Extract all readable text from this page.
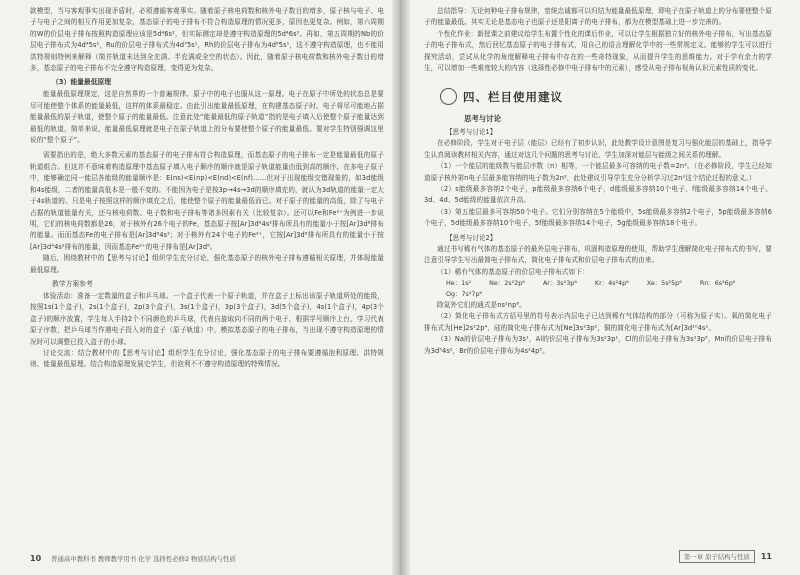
款模型，当与客观事实出现矛盾时，必须遵循客观事实。随着原子核电荷数和核外电子数目的增多，原子核与电子、电子与电子之间的相互作用更加复杂，基态原子的电子排布不符合构造原理的情况更多，原因也更复杂。例如，第六周期的W的价层电子排布按照构造原理应该是5d⁴6s²，但实际测定却是遵守构造原理的5d⁴6s²。再如，第五周期的Nb的价层电子排布式为4d⁴5s¹，Ru的价层电子排布式为4d⁷5s¹，Rh的价层电子排布为4d⁸5s¹，这不遵守构造原理，也不能用洪特规则特例来解释（简并轨道未达到全充满、半充满或全空的状态）。因此，随着原子核电荷数和核外电子数目的增多，基态原子的电子排布不完全遵守构造原理，变得更为复杂。

（3）能量最低原理

能量最低原理规定，这是自然界的一个普遍规律。原子中的电子也服从这一原理。电子在原子中所处的状态总是要尽可能使整个体系的能量最低，这样的体系最稳定。由此引出能量最低原理，在构建基态原子时，电子将尽可能地占据能量最低的原子轨道，使整个原子的能量最低。注意此处“能量最低的原子轨道”指的是电子填入后使整个原子能量达到最低的轨道，简单来说，能量最低原理就是电子在原子轨道上的分布要使整个原子的能量最低。要对学生特别强调这里说的“整个原子”。

需要指出的是，绝大多数元素的基态原子的电子排布符合构造原理，而基态原子的电子排布一定是能量最低的原子轨道组合。但这并不意味着构造原理中基态原子填入电子顺序的顺序就是原子轨道能量由低到高的顺序。在多电子原子中，能够确定同一能层各能级的能量顺序是：E(ns)<E(np)<E(nd)<E(nf)……但对于出现能级交错现象的，如3d能级和4s能级，二者的能量高低本是一般不变的。不能因为电子是按3p→4s→3d的顺序填充的，就认为3d轨道的能量一定大于4s轨道的。只是电子按照这样的顺序填充之后，能使整个原子的能量最低而已。对于原子的能量的高低，除了与电子占据的轨道能量有关，还与核电荷数、电子数和电子排布等诸多因素有关（比较复杂）。还可以Fe和Fe²⁺为例进一步说明，它们的核电荷数都是26，对于核外有26个电子的Fe，基态原子按[Ar]3d⁶4s²排布所具有的能量小于按[Ar]3d⁸排布的能量。而而基态Fe的电子排布是[Ar]3d⁶4s²；对于核外有24个电子的Fe²⁺，它按[Ar]3d⁶排布所具有的能量小于按[Ar]3d⁴4s²排布的能量，因而基态Fe²⁺的电子排布是[Ar]3d⁶。

随后，围绕教材中的【思考与讨论】组织学生充分讨论，强化基态原子的核外电子排布遵循相关原理，并体现能量最低原理。

教学方案参考

体验活动：准备一定数量的盒子和乒乓球。一个盒子代表一个原子轨道，并在盒子上标出该原子轨道所处的能级，按照1s(1个盒子)，2s(1个盒子)，2p(3个盒子)，3s(1个盒子)，3p(3个盒子)，3d(5个盒子)，4s(1个盒子)，4p(3个盒子)的顺序放置，学生每人手持2个不同颜色的乒乓球，代表自旋取向不同的两个电子，根据学号顺序上台，学习代表原子序数，把乒乓球当作遇电子投入对的盒子（原子轨道）中，模拟基态原子的电子排布，当出现不遵守构造原理的情况时可以调整已投入盒子的小球。

讨论交流：结合教材中的【思考与讨论】组织学生充分讨论，强化基态原子的电子排布要遵循泡利原理、洪特规则、能量最低原理。结合构造原理发展史学生，但泡利不不遵守构造原理的特殊情况。

10 普通高中教科书 教师教学用书 化学 选择性必修2 物质结构与性质

总结指导：无论何种电子排布规律，宽统忠诚都可以归结为能量最低原理，即电子在原子轨道上的分布要使整个原子的能量最低。其实无论是基态电子也原子还是阳离子的电子排布，都为在模型基础上进一步完善的。

个性化作业：新授课之前建议给学生布置个性化的课后作业，可以让学生根据独立好的核外电子排布，写出基态原子的电子排布式，然后回忆基态原子的电子排布式，用自己的语言理解化学中的一些常规定义。能够的学生可以进行探究活动，尝试从化学的角度解释电子排布中存在的一些奇特现象，从而提升学生的思维能力。对于学有余力的学生，可以增加一些难度较大的内容（选择性必修中电子排布中的元素），感受从电子排布视角认识元素性质的变化。

四、栏目使用建议
思考与讨论
【思考与讨论1】

在必修阶段，学生对于电子层（能层）已经有了初步认识，此处教学设计意图是复习与强化能层的基础上，指导学生认真阅读教材相关内容，通过对这几个问题的思考与讨论，学生加深对能层与能级之间关系的理解。

（1）一个能层的能级数与能层序数（n）相等，一个能层最多可容纳的电子数=2n²。（在必修阶段，学生已经知道原子核外第n电子层最多能容纳的电子数为2n²，此处建议引导学生充分分析学习过2n²这个结论过程的意义。）

（2）s能级最多容纳2个电子，p能级最多容纳6个电子，d能级最多容纳10个电子，f能级最多容纳14个电子。3d、4d、5d能级的能量依次升高。

（3）第五能层最多可容纳50个电子。它们分别容纳在5个能级中，5s能级最多容纳2个电子，5p能级最多容纳6个电子，5d能级最多容纳10个电子，5f能级最多容纳14个电子，5g能级最多容纳18个电子。

【思考与讨论2】

通过书写稀有气体的基态原子的最外层电子排布，巩固构造原理的使用，帮助学生理解简化电子排布式的书写，要注意引导学生写出最简电子排布式，简化电子排布式和价层电子排布式的由来。

（1）稀有气体的基态原子的价层电子排布式如下：

He：1s²	Ne：2s²2p⁶	Ar：3s²3p⁶	Kr：4s²4p⁶	Xe：5s²5p⁶	Rn：6s²6p⁶
Og：7s²7p⁶

除氦外它们的通式是ns²np⁶。

（2）简化电子排布式方括号里的符号表示内层电子已达到稀有气体结构的部分（可称为原子实）。氧的简化电子排布式为[He]2s²2p⁴，硅的简化电子排布式为[Ne]3s²3p²，铜的简化电子排布式为[Ar]3d¹⁰4s¹。

（3）Na的价层电子排布为3s¹，Al的价层电子排布为3s²3p¹，Cl的价层电子排布为3s²3p⁵，Mn的价层电子排布为3d⁵4s²，Br的价层电子排布为4s²4p⁵。

第一章 原子结构与性质	11
